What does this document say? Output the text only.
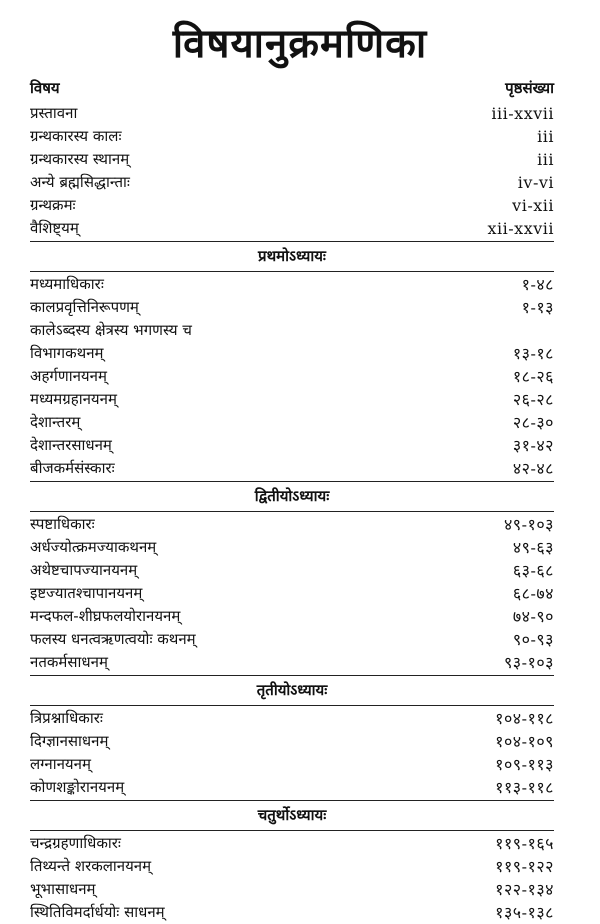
विषयानुक्रमणिका
विषय	पृष्ठसंख्या
प्रस्तावना	iii-xxvii
ग्रन्थकारस्य कालः	iii
ग्रन्थकारस्य स्थानम्	iii
अन्ये ब्रह्मसिद्धान्ताः	iv-vi
ग्रन्थक्रमः	vi-xii
वैशिष्ट्यम्	xii-xxvii
प्रथमोऽध्यायः
मध्यमाधिकारः	१-४८
कालप्रवृत्तिनिरूपणम्	१-१३
कालेऽब्दस्य क्षेत्रस्य भगणस्य च
विभागकथनम्	१३-१८
अहर्गणानयनम्	१८-२६
मध्यमग्रहानयनम्	२६-२८
देशान्तरम्	२८-३०
देशान्तरसाधनम्	३१-४२
बीजकर्मसंस्कारः	४२-४८
द्वितीयोऽध्यायः
स्पष्टाधिकारः	४९-१०३
अर्धज्योत्क्रमज्याकथनम्	४९-६३
अथेष्टचापज्यानयनम्	६३-६८
इष्टज्यातश्चापानयनम्	६८-७४
मन्दफल-शीघ्रफलयोरानयनम्	७४-९०
फलस्य धनत्वऋणत्वयोः कथनम्	९०-९३
नतकर्मसाधनम्	९३-१०३
तृतीयोऽध्यायः
त्रिप्रश्नाधिकारः	१०४-११८
दिग्ज्ञानसाधनम्	१०४-१०९
लग्नानयनम्	१०९-११३
कोणशङ्कोरानयनम्	११३-११८
चतुर्थोऽध्यायः
चन्द्रग्रहणाधिकारः	११९-१६५
तिथ्यन्ते शरकलानयनम्	११९-१२२
भूभासाधनम्	१२२-१३४
स्थितिविमर्दार्धयोः साधनम्	१३५-१३८
